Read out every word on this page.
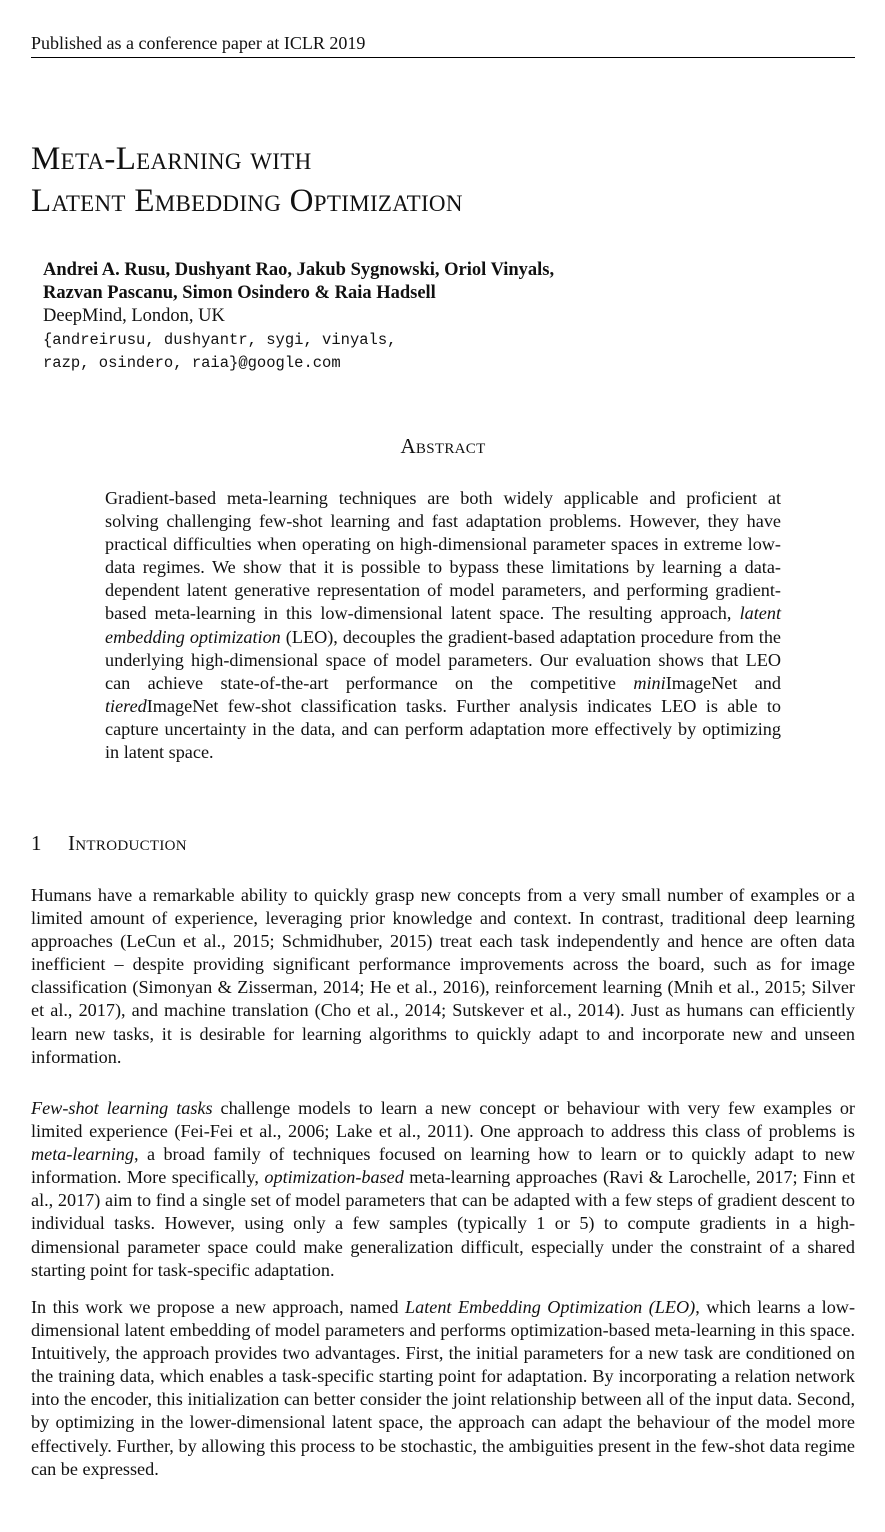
Published as a conference paper at ICLR 2019
Meta-Learning with
Latent Embedding Optimization
Andrei A. Rusu, Dushyant Rao, Jakub Sygnowski, Oriol Vinyals,
Razvan Pascanu, Simon Osindero & Raia Hadsell
DeepMind, London, UK
{andreirusu, dushyantr, sygi, vinyals,
razp, osindero, raia}@google.com
Abstract
Gradient-based meta-learning techniques are both widely applicable and proficient at solving challenging few-shot learning and fast adaptation problems. However, they have practical difficulties when operating on high-dimensional parameter spaces in extreme low-data regimes. We show that it is possible to bypass these limitations by learning a data-dependent latent generative representation of model parameters, and performing gradient-based meta-learning in this low-dimensional latent space. The resulting approach, latent embedding optimization (LEO), decouples the gradient-based adaptation procedure from the underlying high-dimensional space of model parameters. Our evaluation shows that LEO can achieve state-of-the-art performance on the competitive miniImageNet and tieredImageNet few-shot classification tasks. Further analysis indicates LEO is able to capture uncertainty in the data, and can perform adaptation more effectively by optimizing in latent space.
1 Introduction
Humans have a remarkable ability to quickly grasp new concepts from a very small number of examples or a limited amount of experience, leveraging prior knowledge and context. In contrast, traditional deep learning approaches (LeCun et al., 2015; Schmidhuber, 2015) treat each task independently and hence are often data inefficient – despite providing significant performance improvements across the board, such as for image classification (Simonyan & Zisserman, 2014; He et al., 2016), reinforcement learning (Mnih et al., 2015; Silver et al., 2017), and machine translation (Cho et al., 2014; Sutskever et al., 2014). Just as humans can efficiently learn new tasks, it is desirable for learning algorithms to quickly adapt to and incorporate new and unseen information.
Few-shot learning tasks challenge models to learn a new concept or behaviour with very few examples or limited experience (Fei-Fei et al., 2006; Lake et al., 2011). One approach to address this class of problems is meta-learning, a broad family of techniques focused on learning how to learn or to quickly adapt to new information. More specifically, optimization-based meta-learning approaches (Ravi & Larochelle, 2017; Finn et al., 2017) aim to find a single set of model parameters that can be adapted with a few steps of gradient descent to individual tasks. However, using only a few samples (typically 1 or 5) to compute gradients in a high-dimensional parameter space could make generalization difficult, especially under the constraint of a shared starting point for task-specific adaptation.
In this work we propose a new approach, named Latent Embedding Optimization (LEO), which learns a low-dimensional latent embedding of model parameters and performs optimization-based meta-learning in this space. Intuitively, the approach provides two advantages. First, the initial parameters for a new task are conditioned on the training data, which enables a task-specific starting point for adaptation. By incorporating a relation network into the encoder, this initialization can better consider the joint relationship between all of the input data. Second, by optimizing in the lower-dimensional latent space, the approach can adapt the behaviour of the model more effectively. Further, by allowing this process to be stochastic, the ambiguities present in the few-shot data regime can be expressed.
